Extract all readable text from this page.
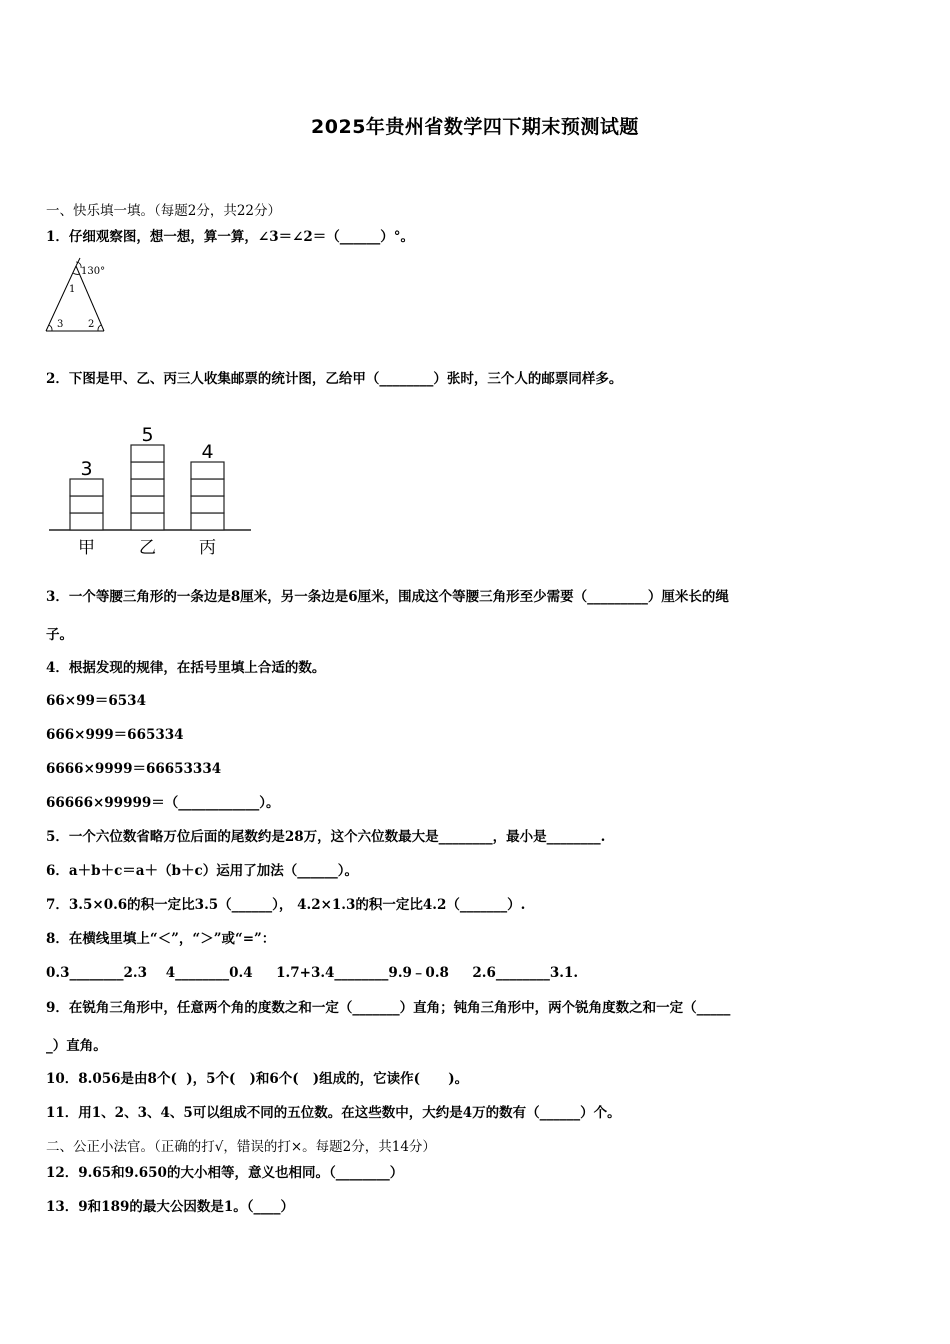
2025年贵州省数学四下期末预测试题
一、快乐填一填。（每题2分，共22分）
1．仔细观察图，想一想，算一算，∠3＝∠2＝（______）°。
130°
1
3 2
2．下图是甲、乙、丙三人收集邮票的统计图，乙给甲（________）张时，三个人的邮票同样多。
3
甲
5
乙
4
丙
3．一个等腰三角形的一条边是8厘米，另一条边是6厘米，围成这个等腰三角形至少需要（_________）厘米长的绳
子。
4．根据发现的规律，在括号里填上合适的数。
66×99＝6534
666×999＝665334
6666×9999＝66653334
66666×99999＝（____________）。
5．一个六位数省略万位后面的尾数约是28万，这个六位数最大是________，最小是________.
6．a＋b＋c＝a＋（b＋c）运用了加法（______）。
7．3.5×0.6的积一定比3.5（______）， 4.2×1.3的积一定比4.2（_______）.
8．在横线里填上“＜”，“＞”或“=”：
0.3________2.3    4________0.4     1.7+3.4________9.9﹣0.8     2.6________3.1.
9．在锐角三角形中，任意两个角的度数之和一定（_______）直角；钝角三角形中，两个锐角度数之和一定（_____
_）直角。
10．8.056是由8个(  )，5个(   )和6个(   )组成的，它读作(      )。
11．用1、2、3、4、5可以组成不同的五位数。在这些数中，大约是4万的数有（______）个。
二、公正小法官。（正确的打√，错误的打×。每题2分，共14分）
12．9.65和9.650的大小相等，意义也相同。（________）
13．9和189的最大公因数是1。（____）
